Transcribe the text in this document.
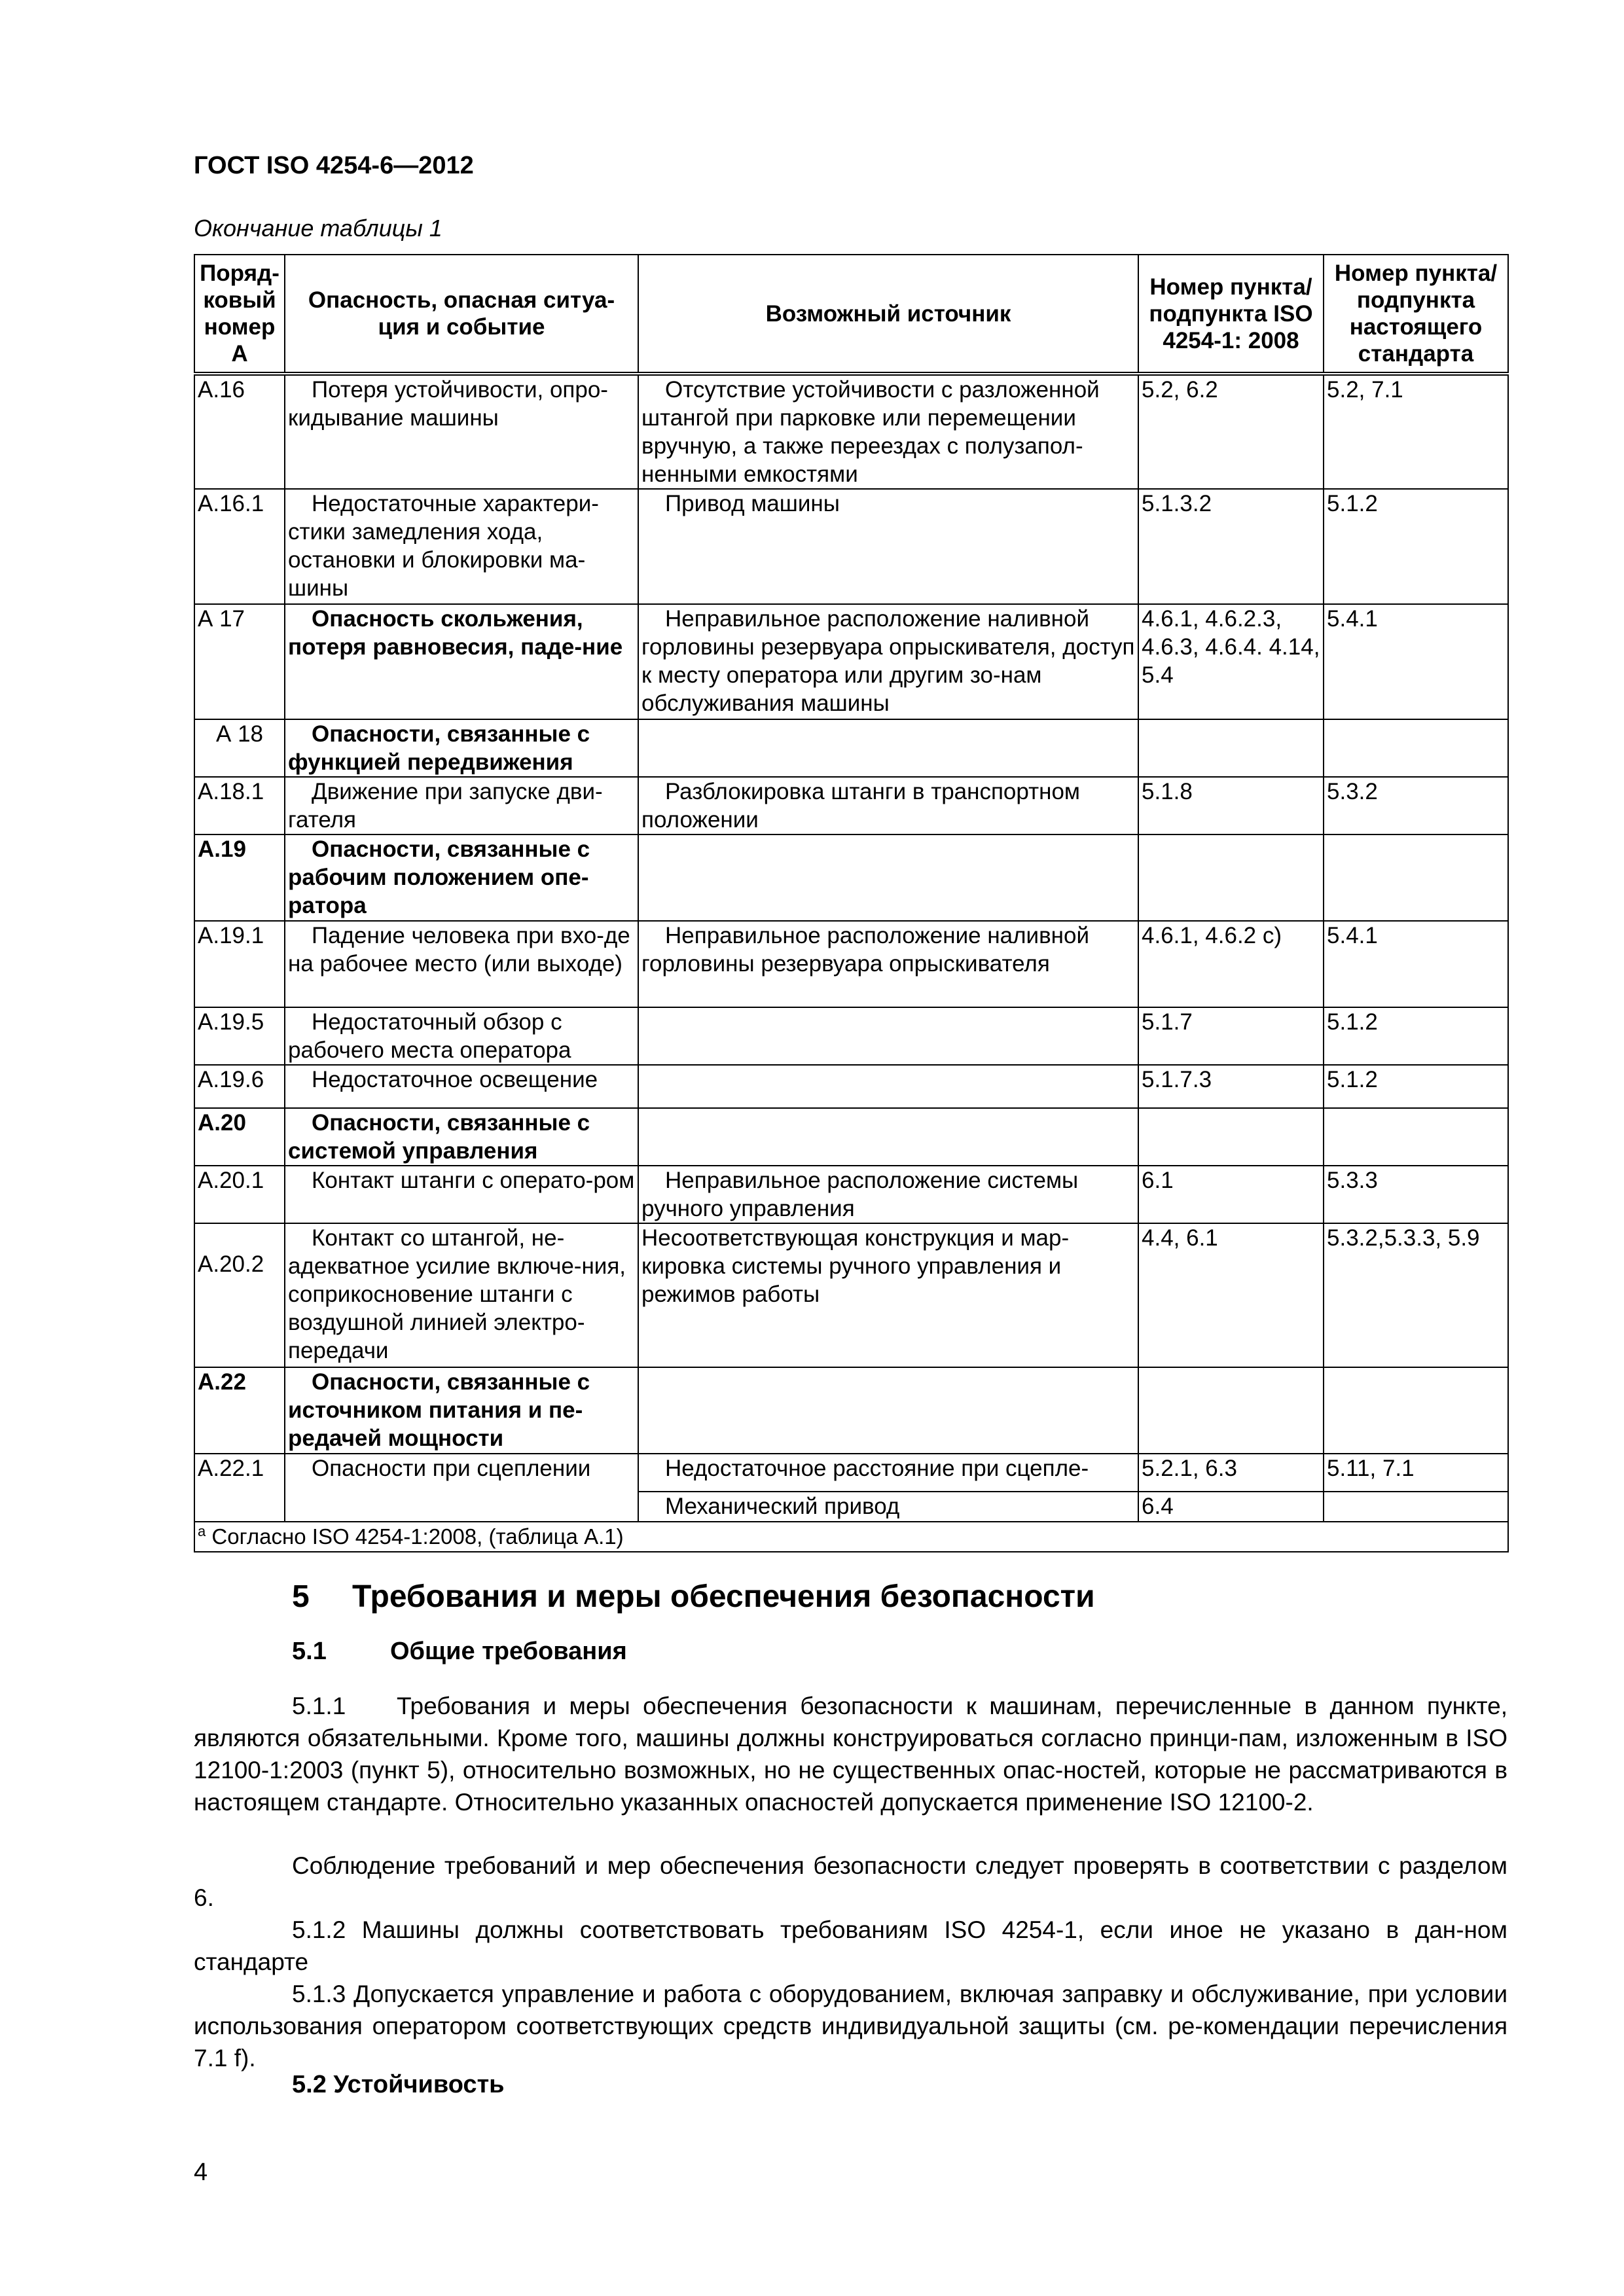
ГОСТ ISO 4254-6—2012
Окончание таблицы 1
Поряд-ковый номер А	Опасность, опасная ситуа-ция и событие	Возможный источник	Номер пункта/ подпункта ISO 4254-1: 2008	Номер пункта/ подпункта настоящего стандарта
А.16	Потеря устойчивости, опро-кидывание машины	Отсутствие устойчивости с разложенной штангой при парковке или перемещении вручную, а также переездах с полузапол-ненными емкостями	5.2, 6.2	5.2, 7.1
А.16.1	Недостаточные характери-стики замедления хода, остановки и блокировки ма-шины	Привод машины	5.1.3.2	5.1.2
А 17	Опасность скольжения, потеря равновесия, паде-ние	Неправильное расположение наливной горловины резервуара опрыскивателя, доступ к месту оператора или другим зо-нам обслуживания машины	4.6.1, 4.6.2.3, 4.6.3, 4.6.4. 4.14, 5.4	5.4.1
А 18	Опасности, связанные с функцией передвижения			
А.18.1	Движение при запуске дви-гателя	Разблокировка штанги в транспортном положении	5.1.8	5.3.2
А.19	Опасности, связанные с рабочим положением опе-ратора			
А.19.1	Падение человека при вхо-де на рабочее место (или выходе)	Неправильное расположение наливной горловины резервуара опрыскивателя	4.6.1, 4.6.2 c)	5.4.1
А.19.5	Недостаточный обзор с рабочего места оператора		5.1.7	5.1.2
А.19.6	Недостаточное освещение		5.1.7.3	5.1.2
А.20	Опасности, связанные с системой управления			
А.20.1	Контакт штанги с операто-ром	Неправильное расположение системы ручного управления	6.1	5.3.3
А.20.2	Контакт со штангой, не-адекватное усилие включе-ния, соприкосновение штанги с воздушной линией электро-передачи	Несоответствующая конструкция и мар-кировка системы ручного управления и режимов работы	4.4, 6.1	5.3.2,5.3.3, 5.9
А.22	Опасности, связанные с источником питания и пе-редачей мощности			
А.22.1	Опасности при сцеплении	Недостаточное расстояние при сцепле-	5.2.1, 6.3	5.11, 7.1
		Механический привод	6.4	
$^а$ Согласно ISO 4254-1:2008, (таблица А.1)				
5 Требования и меры обеспечения безопасности
5.1	Общие требования

5.1.1    Требования и меры обеспечения безопасности к машинам, перечисленные в данном пункте, являются обязательными. Кроме того, машины должны конструироваться согласно принци-пам, изложенным в ISO 12100-1:2003 (пункт 5), относительно возможных, но не существенных опас-ностей, которые не рассматриваются в настоящем стандарте. Относительно указанных опасностей допускается применение ISO 12100-2.

Соблюдение требований и мер обеспечения безопасности следует проверять в соответствии с разделом 6.

5.1.2 Машины должны соответствовать требованиям ISO 4254-1, если иное не указано в дан-ном стандарте

5.1.3 Допускается управление и работа с оборудованием, включая заправку и обслуживание, при условии использования оператором соответствующих средств индивидуальной защиты (см. ре-комендации перечисления 7.1 f).

5.2 Устойчивость
4
